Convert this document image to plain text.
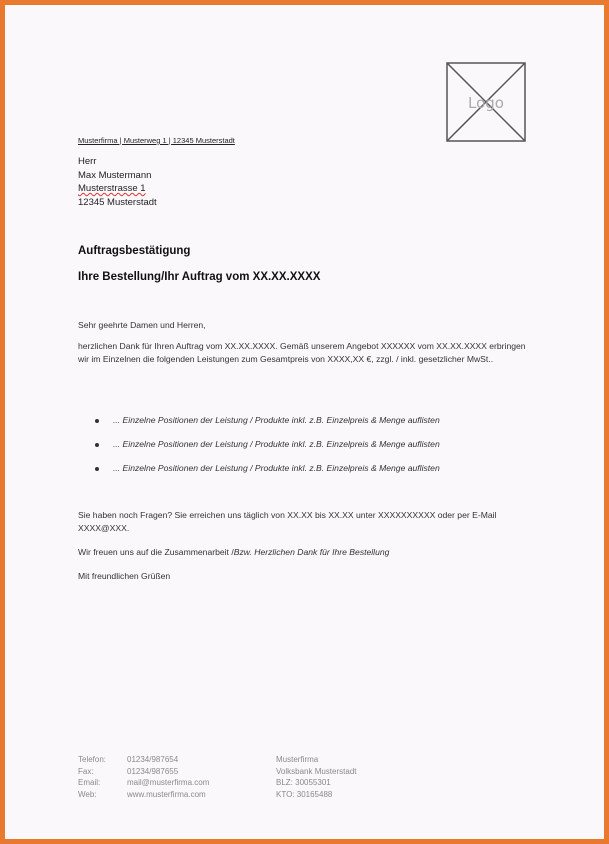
Logo
Musterfirma | Musterweg 1 | 12345 Musterstadt
Herr
Max Mustermann
Musterstrasse 1
12345 Musterstadt
Auftragsbestätigung
Ihre Bestellung/Ihr Auftrag vom XX.XX.XXXX
Sehr geehrte Damen und Herren,
herzlichen Dank für Ihren Auftrag vom XX.XX.XXXX. Gemäß unserem Angebot XXXXXX vom XX.XX.XXXX erbringen wir im Einzelnen die folgenden Leistungen zum Gesamtpreis von XXXX,XX €, zzgl. / inkl. gesetzlicher MwSt..
... Einzelne Positionen der Leistung / Produkte inkl. z.B. Einzelpreis & Menge auflisten
... Einzelne Positionen der Leistung / Produkte inkl. z.B. Einzelpreis & Menge auflisten
... Einzelne Positionen der Leistung / Produkte inkl. z.B. Einzelpreis & Menge auflisten
Sie haben noch Fragen? Sie erreichen uns täglich von XX.XX bis XX.XX unter XXXXXXXXXX oder per E-Mail XXXX@XXX.
Wir freuen uns auf die Zusammenarbeit /Bzw. Herzlichen Dank für Ihre Bestellung
Mit freundlichen Grüßen
Telefon:
Fax:
Email:
Web:
01234/987654
01234/987655
mail@musterfirma.com
www.musterfirma.com
Musterfirma
Volksbank Musterstadt
BLZ: 30055301
KTO: 30165488
